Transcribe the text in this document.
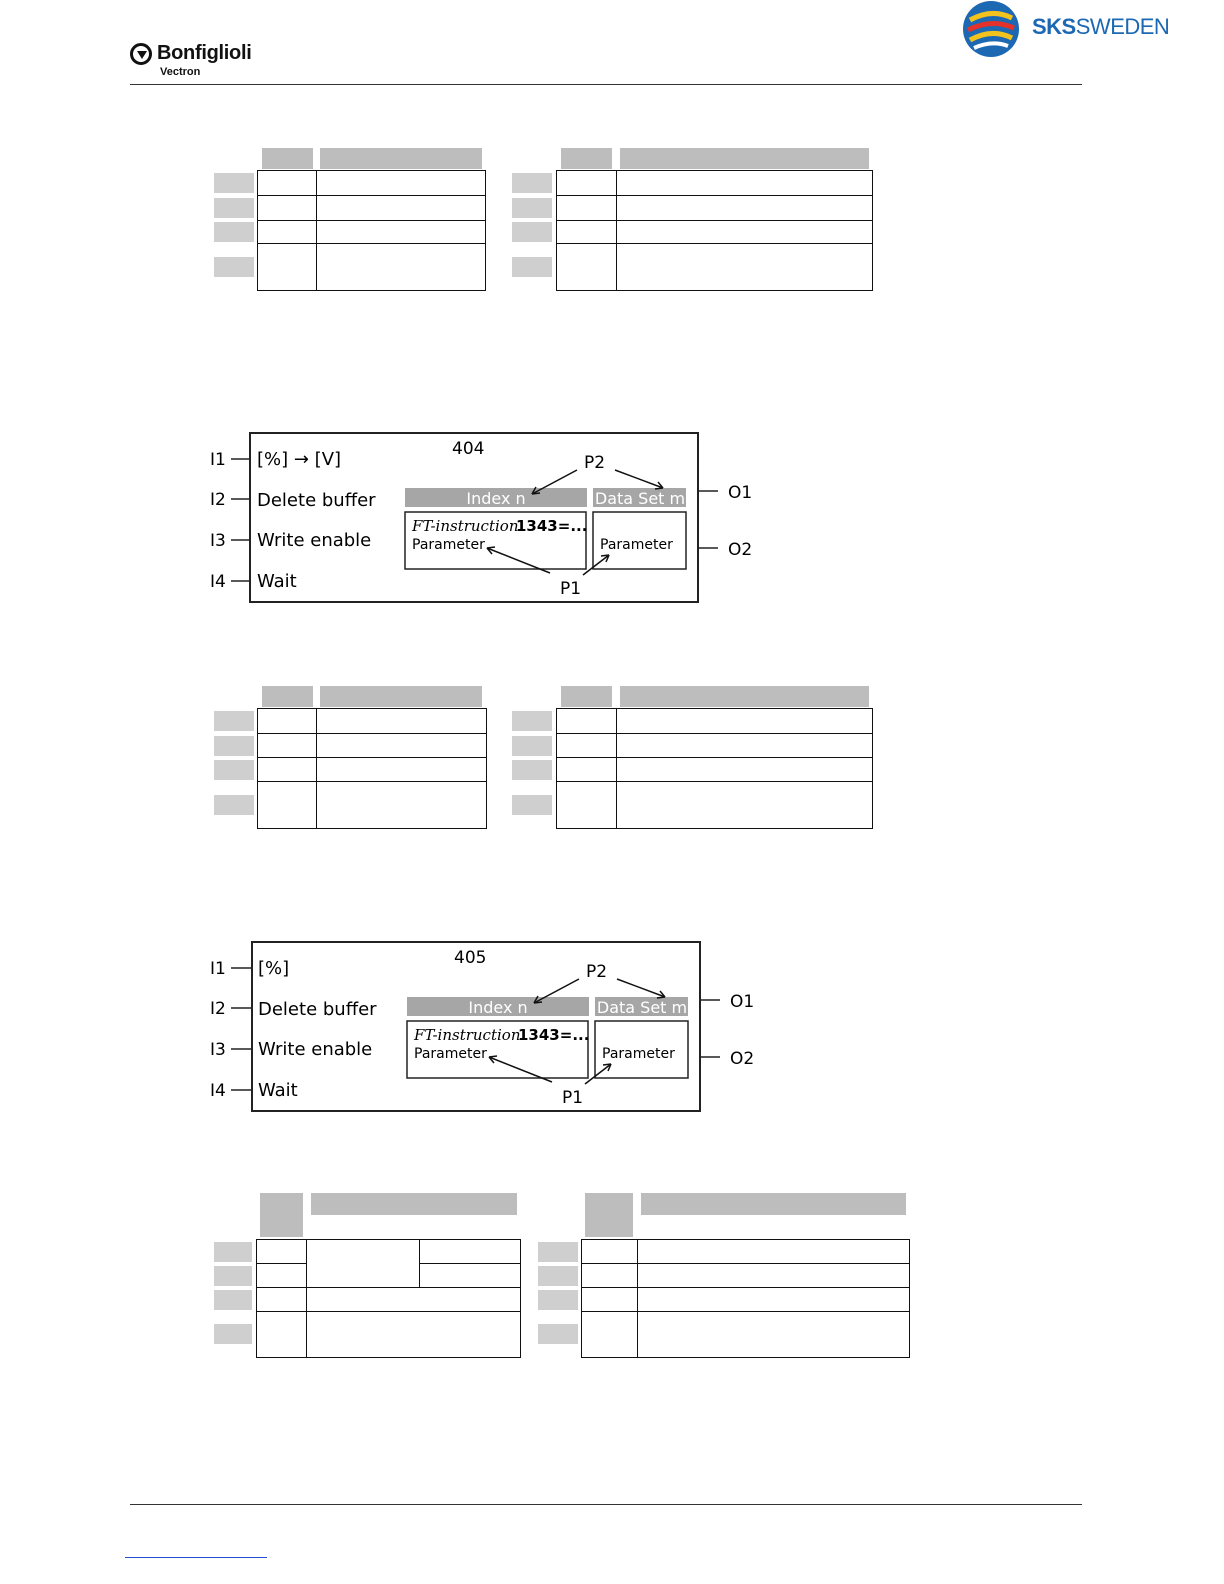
Bonfiglioli
Vectron
SKSSWEDEN
404
I1 [%] → [V]
I2 Delete buffer
I3 Write enable
I4 Wait
O1
O2
Index n	Data Set m
FT-instruction
1343=...
Parameter	Parameter
P2
P1
405
I1 [%]
I2 Delete buffer
I3 Write enable
I4 Wait
O1
O2
Index n	Data Set m
FT-instruction
1343=...
Parameter	Parameter
P2
P1
